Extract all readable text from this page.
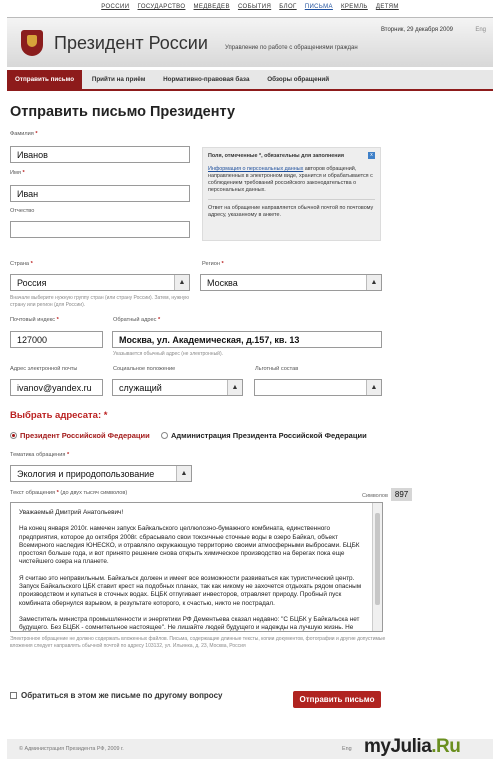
РОССИИ ГОСУДАРСТВО МЕДВЕДЕВ СОБЫТИЯ БЛОГ ПИСЬМА КРЕМЛЬ ДЕТЯМ
Президент России	Управление по работе с обращениями граждан
Вторник, 29 декабря 2009	Eng
Отправить письмо	Прийти на приём	Нормативно-правовая база	Обзоры обращений
Отправить письмо Президенту
Фамилия *
Иванов
Имя *
Иван
Отчество
x
Поля, отмеченные *, обязательны для заполнения
Информация о персональных данных авторов обращений, направленных в электронном виде, хранится и обрабатывается с соблюдением требований российского законодательства о персональных данных.
Ответ на обращение направляется обычной почтой по почтовому адресу, указанному в анкете.
Страна *
Россия	▲
Регион *
Москва	▲
Вначале выберите нужную группу стран (или страну России). Затем, нужную страну или регион (для России).
Почтовый индекс *
127000
Обратный адрес *
Москва, ул. Академическая, д.157, кв. 13
Указывается обычный адрес (не электронный).
Адрес электронной почты
ivanov@yandex.ru
Социальное положение
служащий	▲
Льготный состав
▲
Выбрать адресата: *
Президент Российской Федерации	Администрация Президента Российской Федерации
Тематика обращения *
Экология и природопользование	▲
Текст обращения * (до двух тысяч символов)	Символов 897

Уважаемый Дмитрий Анатольевич!

На конец января 2010г. намечен запуск Байкальского целлюлозно-бумажного комбината, единственного предприятия, которое до октября 2008г. сбрасывало свои токсичные сточные воды в озеро Байкал, объект Всемирного наследия ЮНЕСКО, и отравляло окружающую территорию своими атмосферными выбросами. БЦБК простоял больше года, и вот принято решение снова открыть химическое производство на берегах пока еще чистейшего озера на планете.

Я считаю это неправильным. Байкальск должен и имеет все возможности развиваться как туристический центр. Запуск Байкальского ЦБК ставит крест на подобных планах, так как никому не захочется отдыхать рядом опасным производством и купаться в сточных водах. БЦБК отпугивает инвесторов, отравляет природу. Пробный пуск комбината обернулся взрывом, в результате которого, к счастью, никто не пострадал.

Заместитель министра промышленности и энергетики РФ Дементьева сказал недавно: "С БЦБК у Байкальска нет будущего. Без БЦБК - сомнительное настоящее". Не лишайте людей будущего и надежды на лучшую жизнь. Не

Электронное обращение не должно содержать вложенных файлов. Письма, содержащие длинные тексты, копии документов, фотографии и другие допустимые вложения следует направлять обычной почтой по адресу 103132, ул. Ильинка, д. 23, Москва, Россия
Обратиться в этом же письме по другому вопросу	Отправить письмо
© Администрация Президента РФ, 2009 г.	Eng myJulia.Ru
